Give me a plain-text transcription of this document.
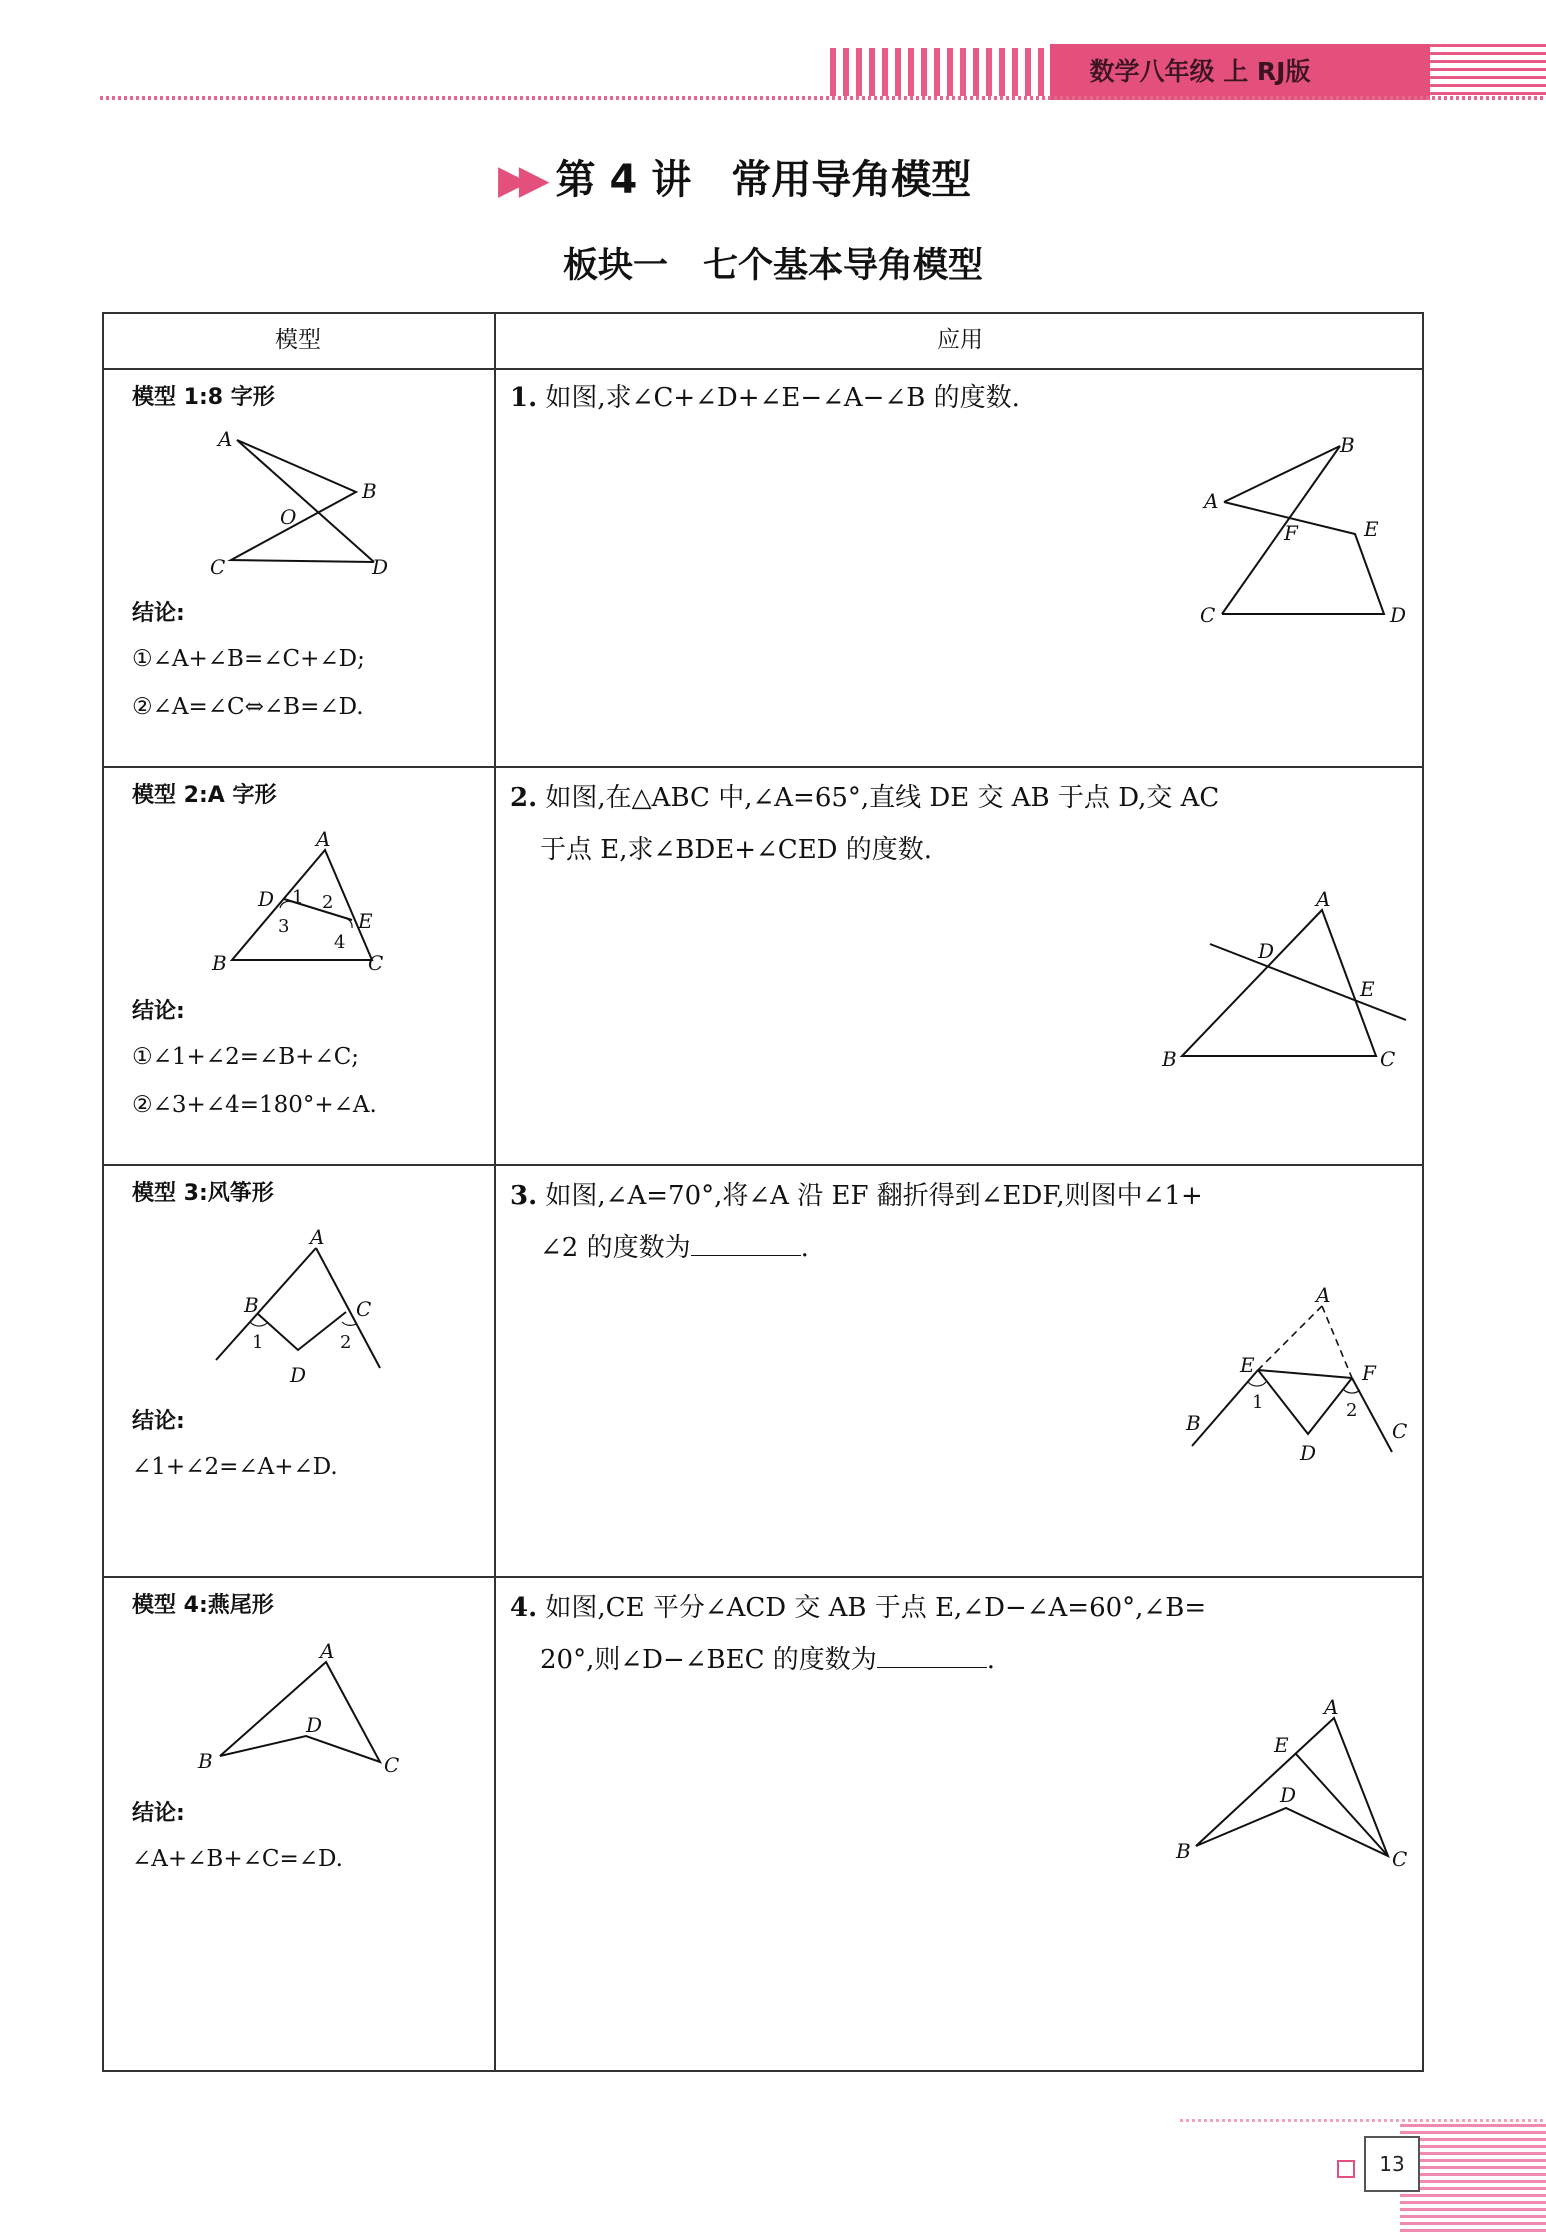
数学八年级 上 RJ版
▶▶ 第 4 讲　常用导角模型
板块一　七个基本导角模型
模型	应用
模型 1:8 字形
A
B
O
C	D
结论:
①∠A+∠B=∠C+∠D;
②∠A=∠C⇔∠B=∠D.
1. 如图,求∠C+∠D+∠E−∠A−∠B 的度数.
A
B
F	E
C	D
模型 2:A 字形
A
D
E
B	C
1 2
3
4
结论:
①∠1+∠2=∠B+∠C;
②∠3+∠4=180°+∠A.
2. 如图,在△ABC 中,∠A=65°,直线 DE 交 AB 于点 D,交 AC
于点 E,求∠BDE+∠CED 的度数.
A
D
E
B	C
模型 3:风筝形
A
B	C
D
1	2
结论:
∠1+∠2=∠A+∠D.
3. 如图,∠A=70°,将∠A 沿 EF 翻折得到∠EDF,则图中∠1+
∠2 的度数为	.
A
E	F
B	C
D
1	2
模型 4:燕尾形
A
B
D
C
结论:
∠A+∠B+∠C=∠D.
4. 如图,CE 平分∠ACD 交 AB 于点 E,∠D−∠A=60°,∠B=
20°,则∠D−∠BEC 的度数为	.
A
E
D
B	C
13
